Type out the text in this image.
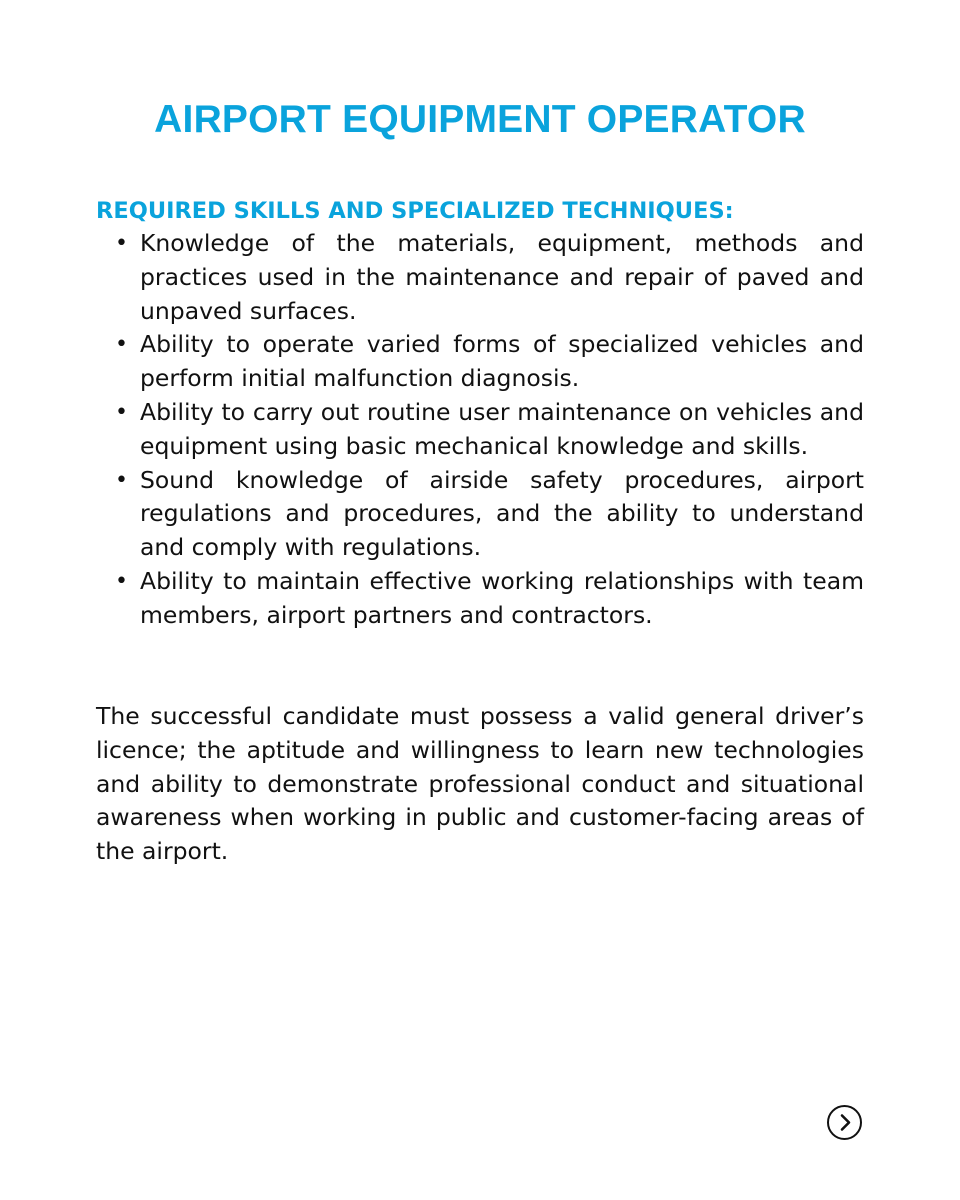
AIRPORT EQUIPMENT OPERATOR
REQUIRED SKILLS AND SPECIALIZED TECHNIQUES:
• Knowledge of the materials, equipment, methods and practices used in the maintenance and repair of paved and unpaved surfaces.
• Ability to operate varied forms of specialized vehicles and perform initial malfunction diagnosis.
• Ability to carry out routine user maintenance on vehicles and equipment using basic mechanical knowledge and skills.
• Sound knowledge of airside safety procedures, airport regulations and procedures, and the ability to understand and comply with regulations.
• Ability to maintain effective working relationships with team members, airport partners and contractors.

The successful candidate must possess a valid general driver’s licence; the aptitude and willingness to learn new technologies and ability to demonstrate professional conduct and situational awareness when working in public and customer-facing areas of the airport.
